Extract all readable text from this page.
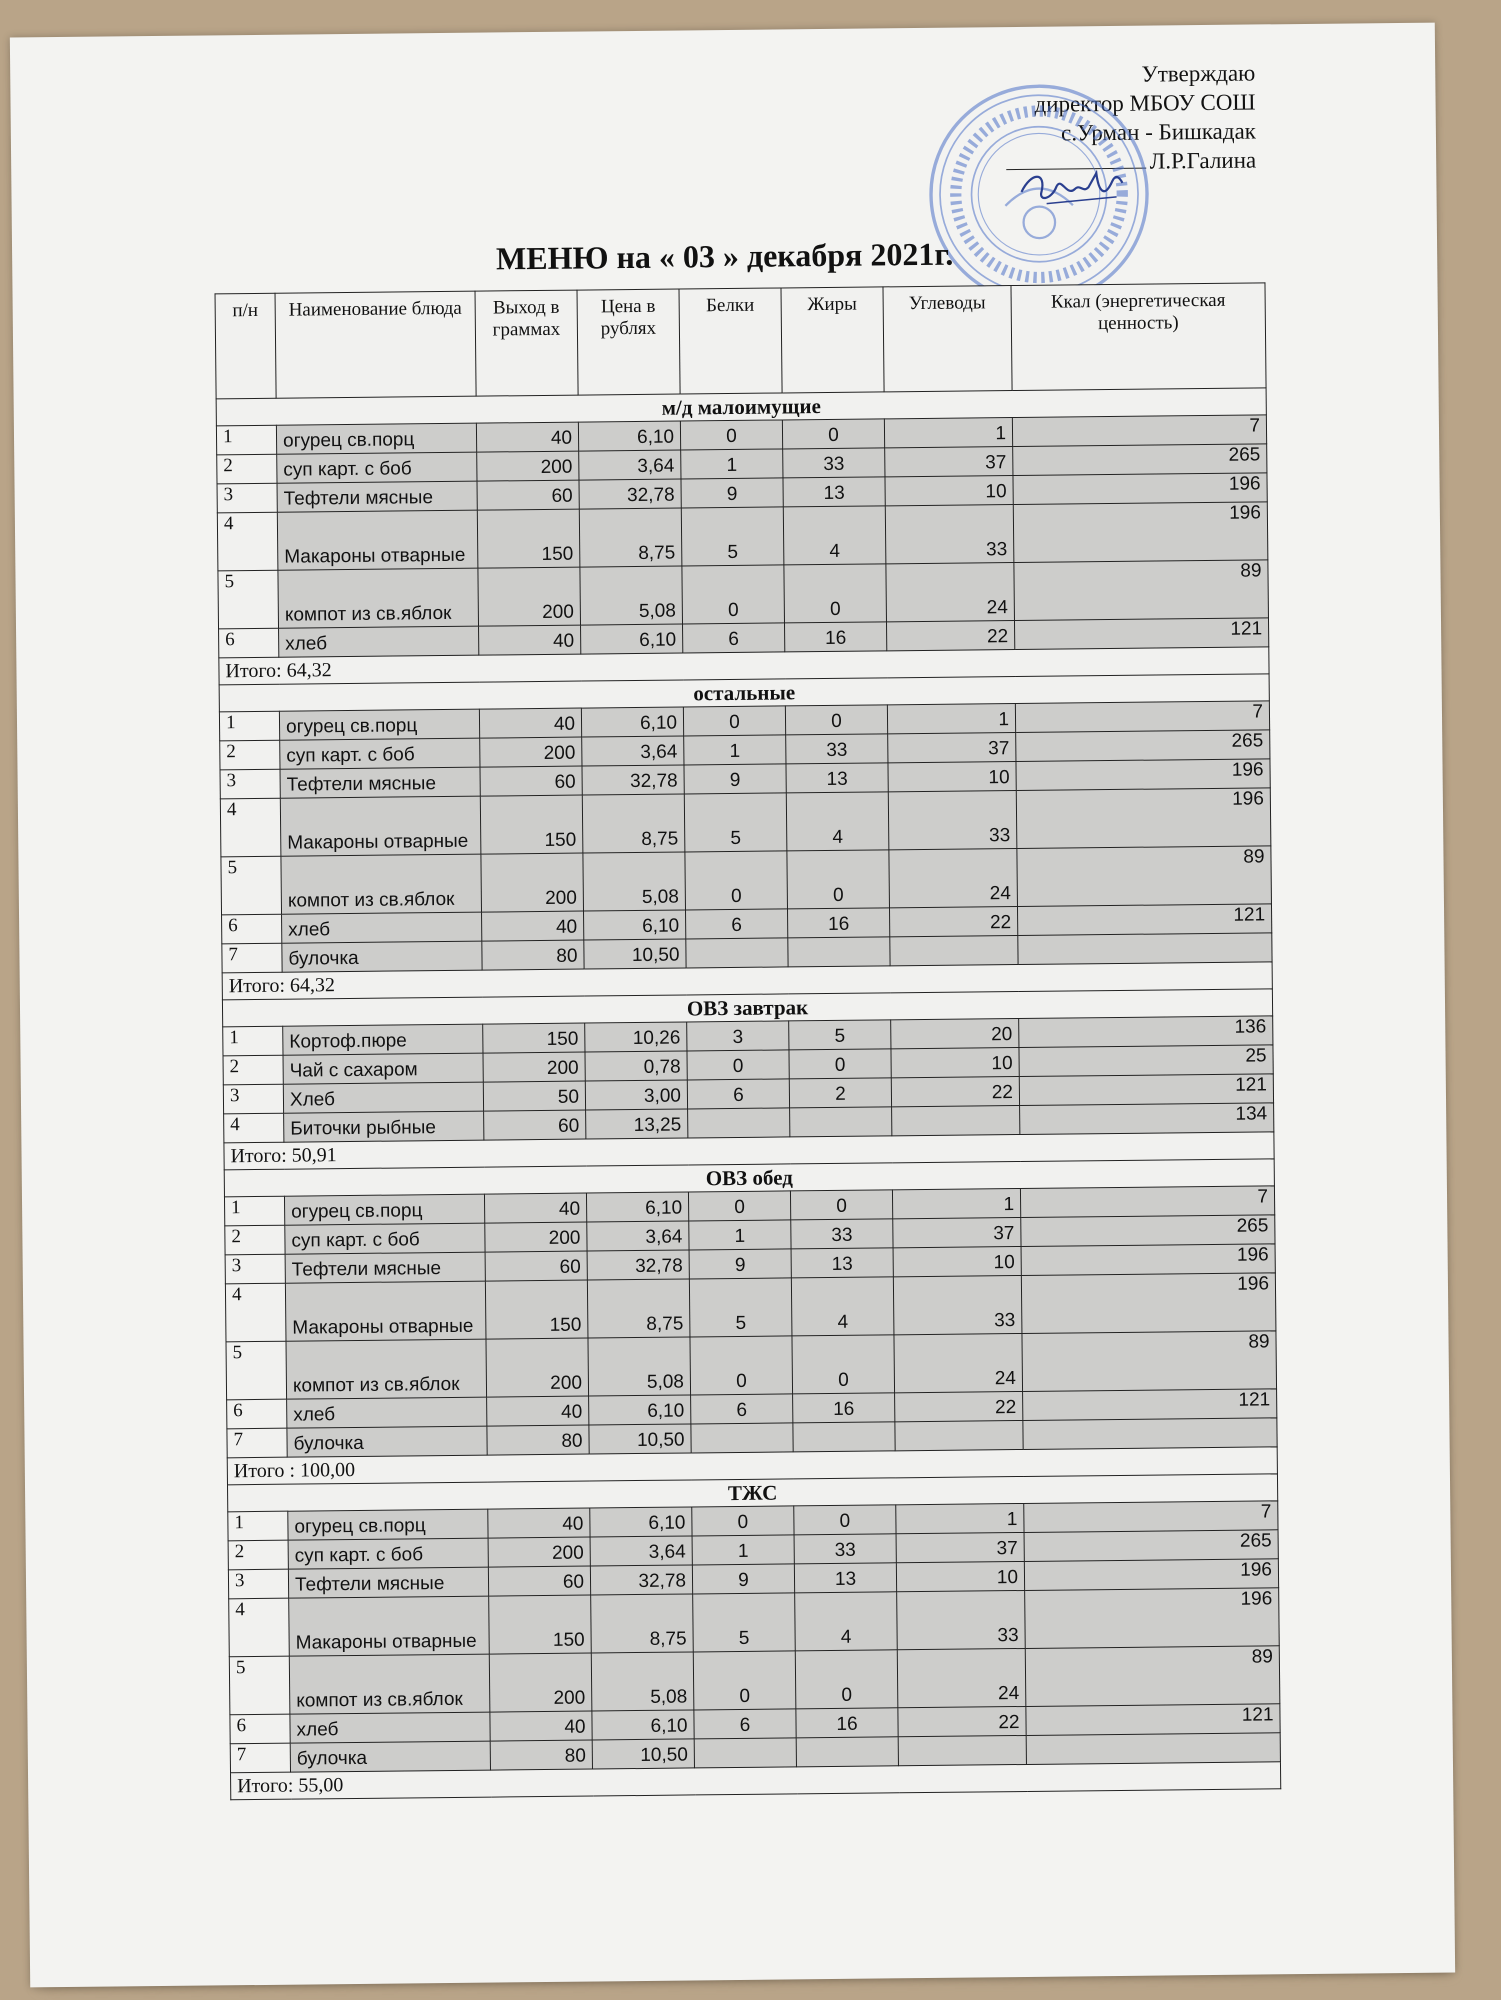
Утверждаю
директор МБОУ СОШ
с.Урман - Бишкадак
Л.Р.Галина
МЕНЮ на « 03 » декабря 2021г.
п/н	Наименование блюда	Выход в граммах	Цена в рублях	Белки	Жиры	Углеводы	Ккал (энергетическая ценность)
м/д малоимущие							
1	огурец св.порц	40	6,10	0	0	1	7
2	суп карт. с боб	200	3,64	1	33	37	265
3	Тефтели мясные	60	32,78	9	13	10	196
4	Макароны отварные	150	8,75	5	4	33	196
5	компот из св.яблок	200	5,08	0	0	24	89
6	хлеб	40	6,10	6	16	22	121
Итого: 64,32							
остальные							
1	огурец св.порц	40	6,10	0	0	1	7
2	суп карт. с боб	200	3,64	1	33	37	265
3	Тефтели мясные	60	32,78	9	13	10	196
4	Макароны отварные	150	8,75	5	4	33	196
5	компот из св.яблок	200	5,08	0	0	24	89
6	хлеб	40	6,10	6	16	22	121
7	булочка	80	10,50				
Итого: 64,32							
ОВЗ завтрак							
1	Кортоф.пюре	150	10,26	3	5	20	136
2	Чай с сахаром	200	0,78	0	0	10	25
3	Хлеб	50	3,00	6	2	22	121
4	Биточки рыбные	60	13,25				134
Итого: 50,91							
ОВЗ обед							
1	огурец св.порц	40	6,10	0	0	1	7
2	суп карт. с боб	200	3,64	1	33	37	265
3	Тефтели мясные	60	32,78	9	13	10	196
4	Макароны отварные	150	8,75	5	4	33	196
5	компот из св.яблок	200	5,08	0	0	24	89
6	хлеб	40	6,10	6	16	22	121
7	булочка	80	10,50				
Итого : 100,00							
ТЖС							
1	огурец св.порц	40	6,10	0	0	1	7
2	суп карт. с боб	200	3,64	1	33	37	265
3	Тефтели мясные	60	32,78	9	13	10	196
4	Макароны отварные	150	8,75	5	4	33	196
5	компот из св.яблок	200	5,08	0	0	24	89
6	хлеб	40	6,10	6	16	22	121
7	булочка	80	10,50				
Итого: 55,00							
